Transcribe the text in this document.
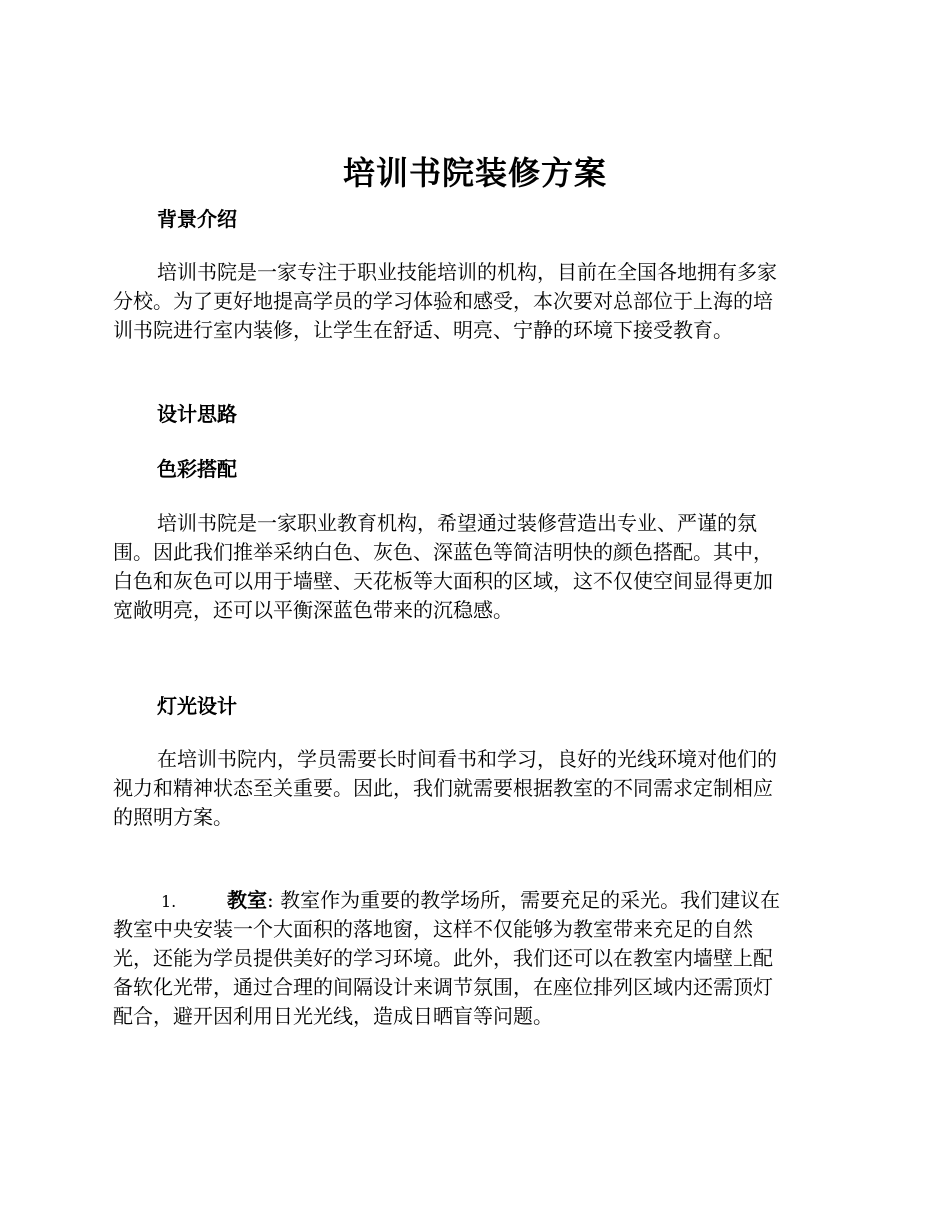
培训书院装修方案
背景介绍
培训书院是一家专注于职业技能培训的机构，目前在全国各地拥有多家
分校。为了更好地提高学员的学习体验和感受，本次要对总部位于上海的培
训书院进行室内装修，让学生在舒适、明亮、宁静的环境下接受教育。
设计思路
色彩搭配
培训书院是一家职业教育机构，希望通过装修营造出专业、严谨的氛
围。因此我们推举采纳白色、灰色、深蓝色等简洁明快的颜色搭配。其中，
白色和灰色可以用于墙壁、天花板等大面积的区域，这不仅使空间显得更加
宽敞明亮，还可以平衡深蓝色带来的沉稳感。
灯光设计
在培训书院内，学员需要长时间看书和学习，良好的光线环境对他们的
视力和精神状态至关重要。因此，我们就需要根据教室的不同需求定制相应
的照明方案。
1.	教室: 教室作为重要的教学场所，需要充足的采光。我们建议在
教室中央安装一个大面积的落地窗，这样不仅能够为教室带来充足的自然
光，还能为学员提供美好的学习环境。此外，我们还可以在教室内墙壁上配
备软化光带，通过合理的间隔设计来调节氛围，在座位排列区域内还需顶灯
配合，避开因利用日光光线，造成日晒盲等问题。
